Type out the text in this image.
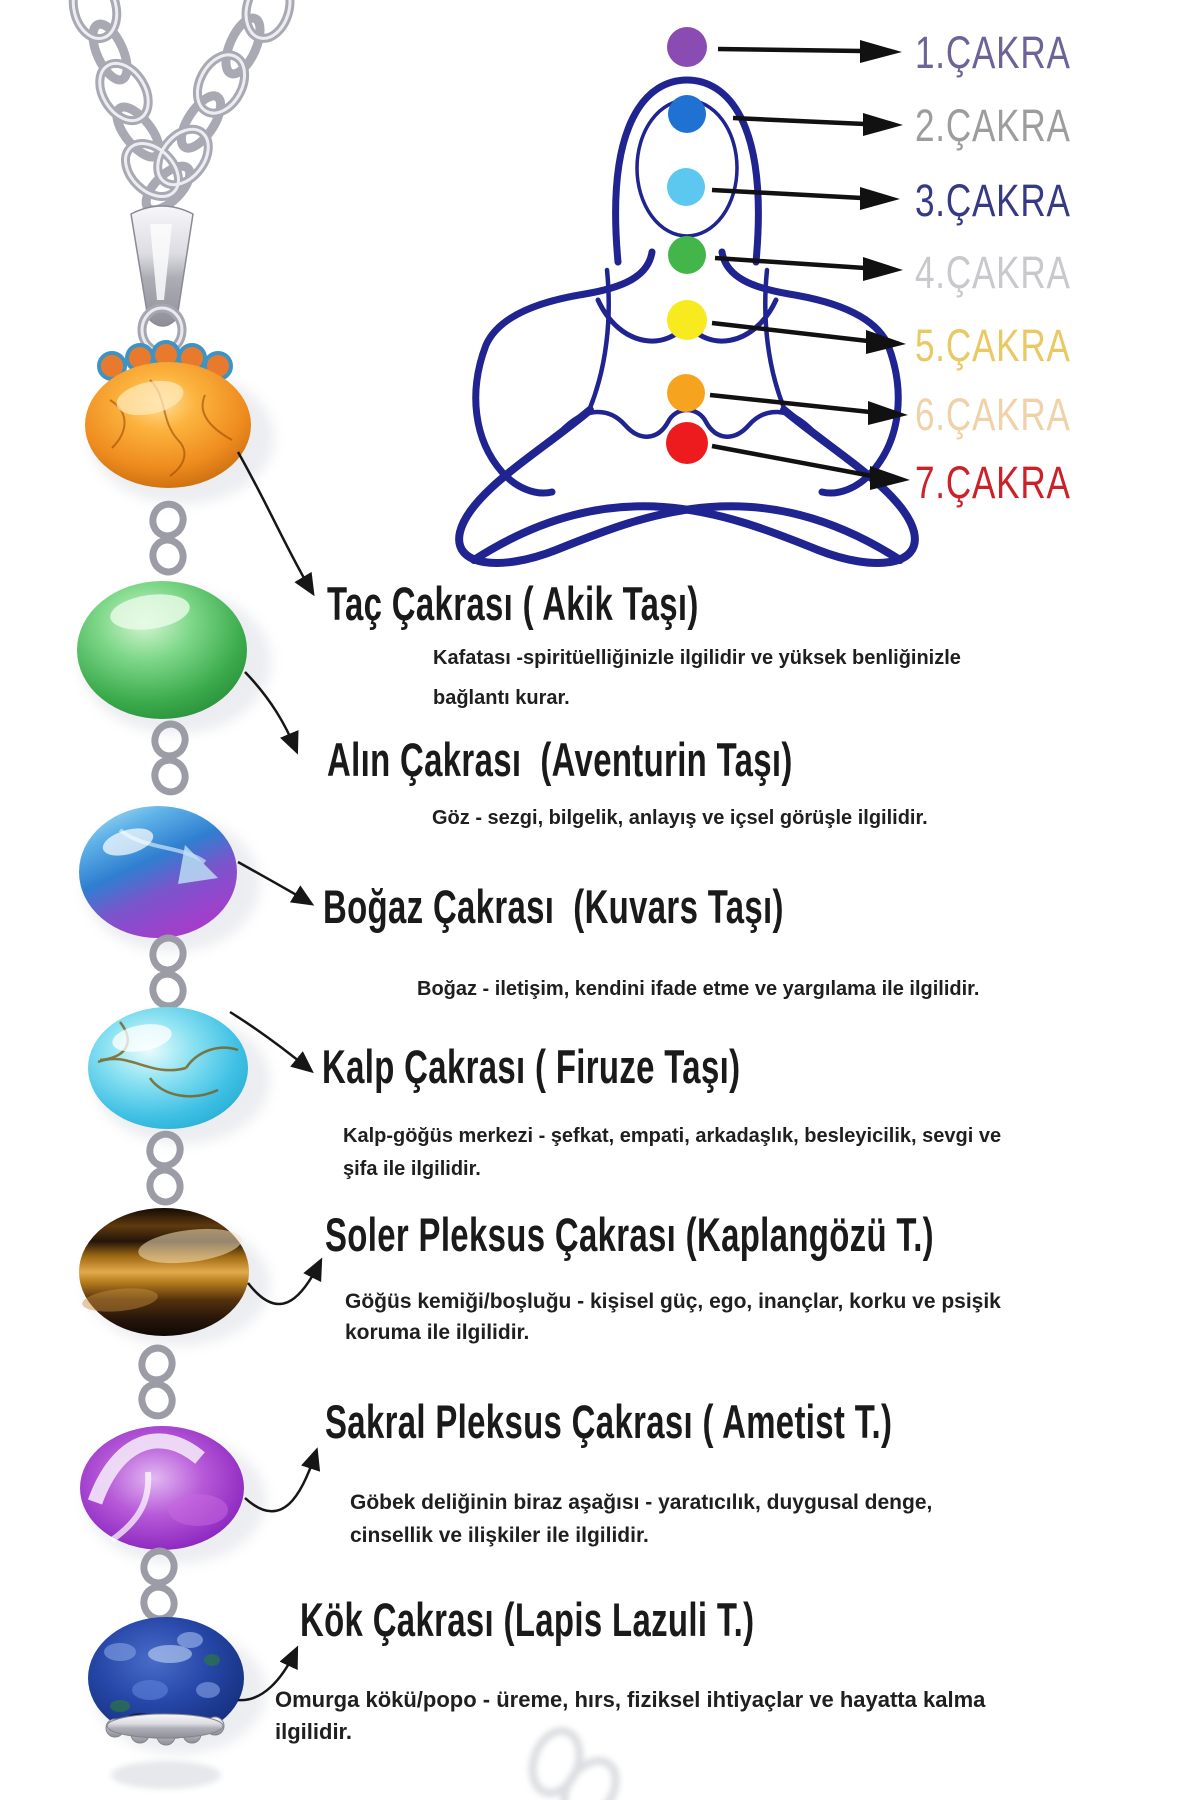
1.ÇAKRA
2.ÇAKRA
3.ÇAKRA
4.ÇAKRA
5.ÇAKRA
6.ÇAKRA
7.ÇAKRA
Taç Çakrası ( Akik Taşı)
Kafatası -spiritüelliğinizle ilgilidir ve yüksek benliğinizle
bağlantı kurar.
Alın Çakrası  (Aventurin Taşı)
Göz - sezgi, bilgelik, anlayış ve içsel görüşle ilgilidir.
Boğaz Çakrası  (Kuvars Taşı)
Boğaz - iletişim, kendini ifade etme ve yargılama ile ilgilidir.
Kalp Çakrası ( Firuze Taşı)
Kalp-göğüs merkezi - şefkat, empati, arkadaşlık, besleyicilik, sevgi ve
şifa ile ilgilidir.
Soler Pleksus Çakrası (Kaplangözü T.)
Göğüs kemiği/boşluğu - kişisel güç, ego, inançlar, korku ve psişik
koruma ile ilgilidir.
Sakral Pleksus Çakrası ( Ametist T.)
Göbek deliğinin biraz aşağısı - yaratıcılık, duygusal denge,
cinsellik ve ilişkiler ile ilgilidir.
Kök Çakrası (Lapis Lazuli T.)
Omurga kökü/popo - üreme, hırs, fiziksel ihtiyaçlar ve hayatta kalma
ilgilidir.
